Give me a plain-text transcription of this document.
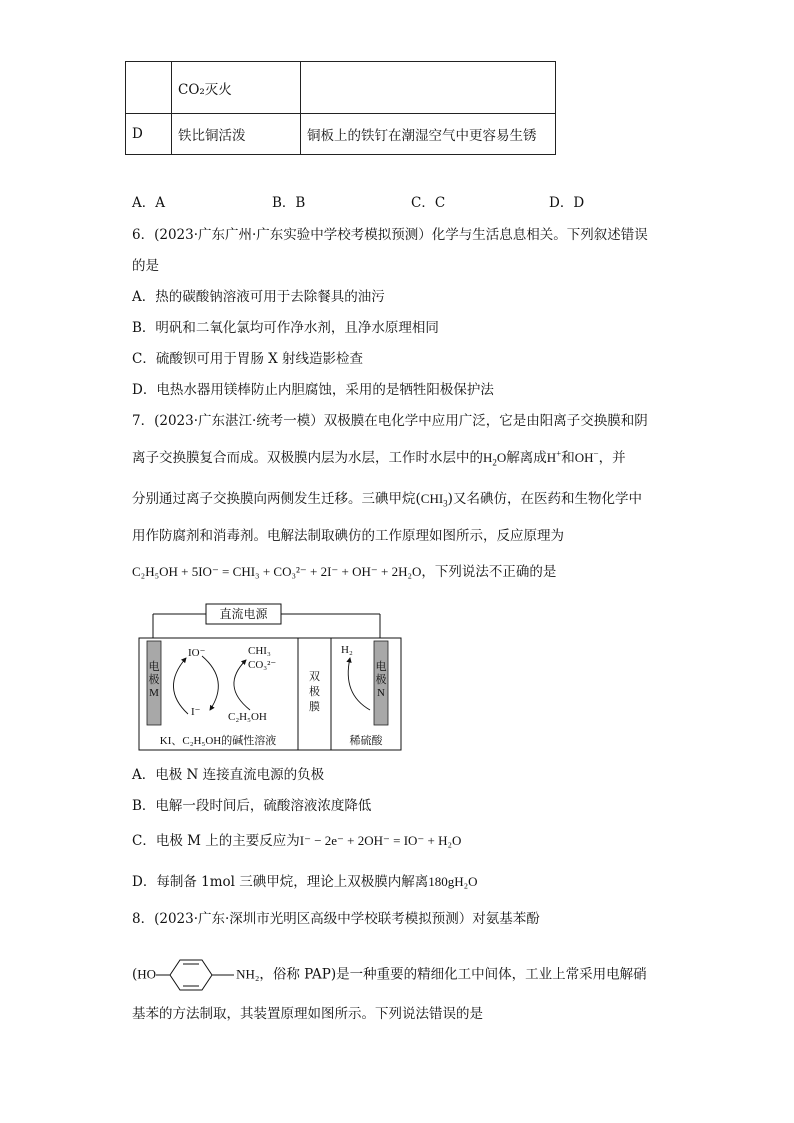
	CO₂灭火	
D	铁比铜活泼	铜板上的铁钉在潮湿空气中更容易生锈
A．A	B．B	C．C	D．D
6．(2023·广东广州·广东实验中学校考模拟预测）化学与生活息息相关。下列叙述错误
的是
A．热的碳酸钠溶液可用于去除餐具的油污
B．明矾和二氧化氯均可作净水剂，且净水原理相同
C．硫酸钡可用于胃肠 X 射线造影检查
D．电热水器用镁棒防止内胆腐蚀，采用的是牺牲阳极保护法
7．(2023·广东湛江·统考一模）双极膜在电化学中应用广泛，它是由阳离子交换膜和阴
离子交换膜复合而成。双极膜内层为水层，工作时水层中的$H_2O$解离成H+和OH−，并
分别通过离子交换膜向两侧发生迁移。三碘甲烷$(CHI_3)$又名碘仿，在医药和生物化学中
用作防腐剂和消毒剂。电解法制取碘仿的工作原理如图所示，反应原理为
C₂H₅OH + 5IO⁻ = CHI₃ + CO₃²⁻ + 2I⁻ + OH⁻ + 2H₂O，下列说法不正确的是
直流电源
电
极
M
电
极
N
双
极
膜
IO⁻
I⁻
CHI₃
CO₃²⁻
C₂H₅OH
H₂
KI、C₂H₅OH的碱性溶液	稀硫酸
A．电极 N 连接直流电源的负极
B．电解一段时间后，硫酸溶液浓度降低
C．电极 M 上的主要反应为I⁻ − 2e⁻ + 2OH⁻ = IO⁻ + H₂O
D．每制备 1mol 三碘甲烷，理论上双极膜内解离180gH₂O
8．(2023·广东·深圳市光明区高级中学校联考模拟预测）对氨基苯酚
(HO	NH₂，俗称 PAP)是一种重要的精细化工中间体，工业上常采用电解硝
基苯的方法制取，其装置原理如图所示。下列说法错误的是
